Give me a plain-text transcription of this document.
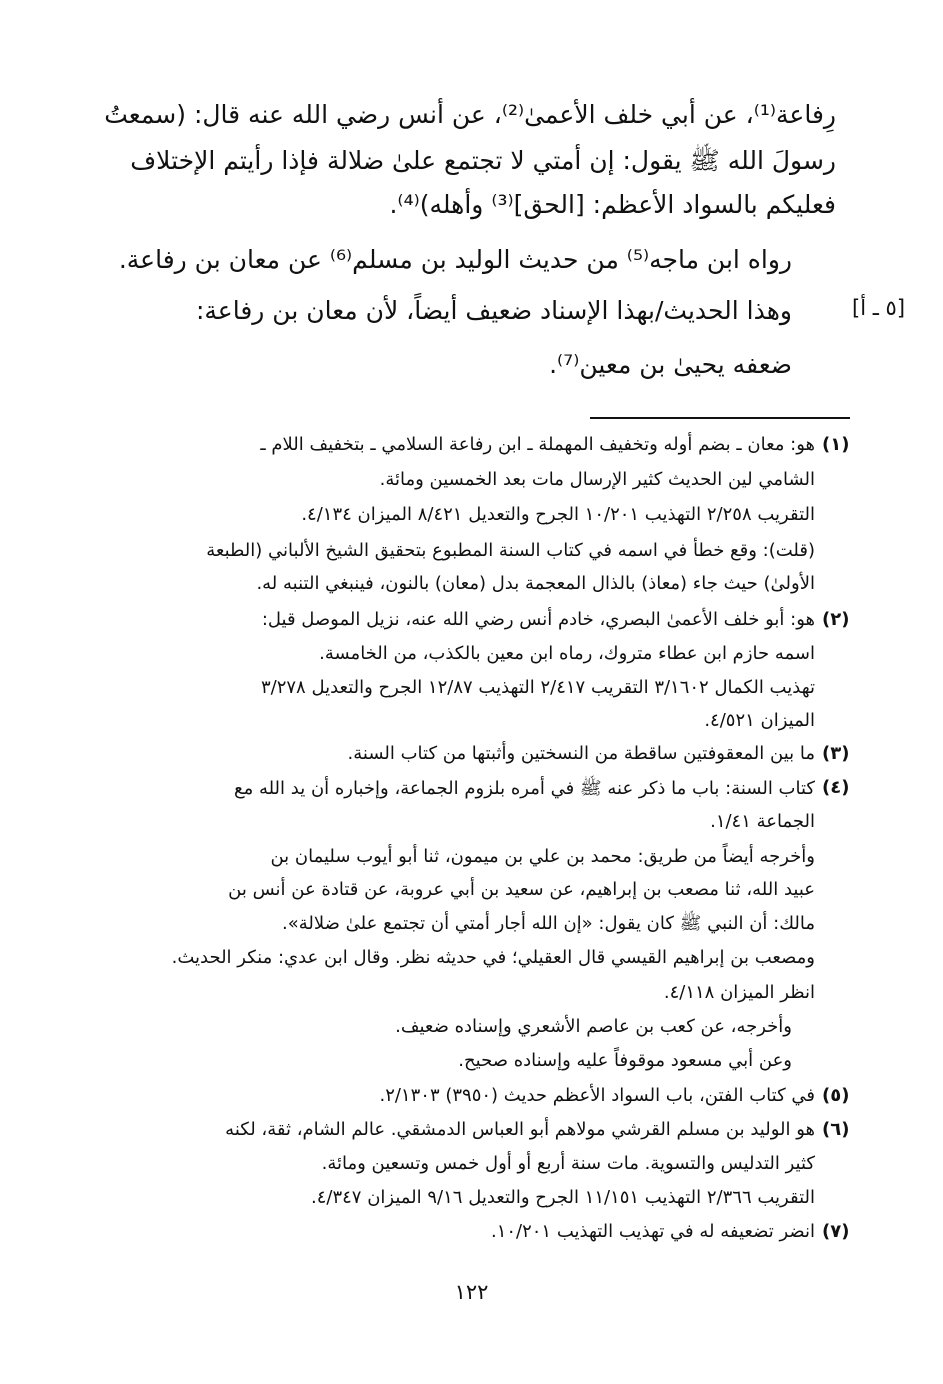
رِفاعة⁽¹⁾، عن أبي خلف الأعمىٰ⁽²⁾، عن أنس رضي الله عنه قال: (سمعتُ
رسولَ الله ﷺ يقول: إن أمتي لا تجتمع علىٰ ضلالة فإذا رأيتم الإختلاف
فعليكم بالسواد الأعظم: [الحق]⁽³⁾ وأهله)⁽⁴⁾.
رواه ابن ماجه⁽⁵⁾ من حديث الوليد بن مسلم⁽⁶⁾ عن معان بن رفاعة.
وهذا الحديث/بهذا الإسناد ضعيف أيضاً، لأن معان بن رفاعة:	[٥ ـ أ]
ضعفه يحيىٰ بن معين⁽⁷⁾.
(١)
هو: معان ـ بضم أوله وتخفيف المهملة ـ ابن رفاعة السلامي ـ بتخفيف اللام ـ
الشامي لين الحديث كثير الإرسال مات بعد الخمسين ومائة.
التقريب ٢/٢٥٨ التهذيب ١٠/٢٠١ الجرح والتعديل ٨/٤٢١ الميزان ٤/١٣٤.
(قلت): وقع خطأ في اسمه في كتاب السنة المطبوع بتحقيق الشيخ الألباني (الطبعة
الأولىٰ) حيث جاء (معاذ) بالذال المعجمة بدل (معان) بالنون، فينبغي التنبه له.
(٢)
هو: أبو خلف الأعمىٰ البصري، خادم أنس رضي الله عنه، نزيل الموصل قيل:
اسمه حازم ابن عطاء متروك، رماه ابن معين بالكذب، من الخامسة.
تهذيب الكمال ٣/١٦٠٢ التقريب ٢/٤١٧ التهذيب ١٢/٨٧ الجرح والتعديل ٣/٢٧٨
الميزان ٤/٥٢١.
(٣)
ما بين المعقوفتين ساقطة من النسختين وأثبتها من كتاب السنة.
(٤)
كتاب السنة: باب ما ذكر عنه ﷺ في أمره بلزوم الجماعة، وإخباره أن يد الله مع
الجماعة ١/٤١.
وأخرجه أيضاً من طريق: محمد بن علي بن ميمون، ثنا أبو أيوب سليمان بن
عبيد الله، ثنا مصعب بن إبراهيم، عن سعيد بن أبي عروبة، عن قتادة عن أنس بن
مالك: أن النبي ﷺ كان يقول: «إن الله أجار أمتي أن تجتمع علىٰ ضلالة».
ومصعب بن إبراهيم القيسي قال العقيلي؛ في حديثه نظر. وقال ابن عدي: منكر الحديث.
انظر الميزان ٤/١١٨.
وأخرجه، عن كعب بن عاصم الأشعري وإسناده ضعيف.
وعن أبي مسعود موقوفاً عليه وإسناده صحيح.
(٥)
في كتاب الفتن، باب السواد الأعظم حديث (٣٩٥٠) ٢/١٣٠٣.
(٦)
هو الوليد بن مسلم القرشي مولاهم أبو العباس الدمشقي. عالم الشام، ثقة، لكنه
كثير التدليس والتسوية. مات سنة أربع أو أول خمس وتسعين ومائة.
التقريب ٢/٣٦٦ التهذيب ١١/١٥١ الجرح والتعديل ٩/١٦ الميزان ٤/٣٤٧.
(٧)
انضر تضعيفه له في تهذيب التهذيب ١٠/٢٠١.
١٢٢
